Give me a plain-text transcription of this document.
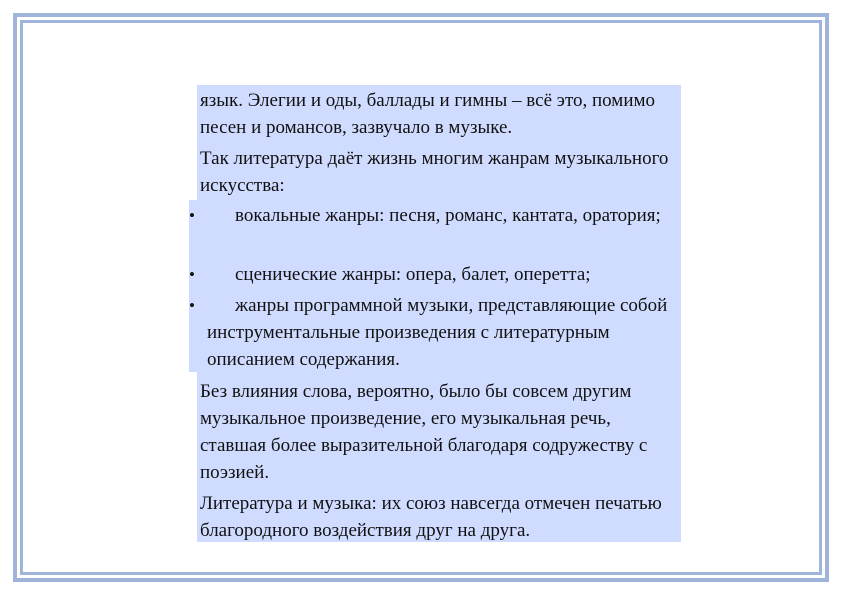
язык. Элегии и оды, баллады и гимны – всё это, помимо песен и романсов, зазвучало в музыке.

Так литература даёт жизнь многим жанрам музыкального искусства:

•	вокальные жанры: песня, романс, кантата, оратория;
•	сценические жанры: опера, балет, оперетта;
•	жанры программной музыки, представляющие собой инструментальные произведения с литературным описанием содержания.

Без влияния слова, вероятно, было бы совсем другим музыкальное произведение, его музыкальная речь, ставшая более выразительной благодаря содружеству с поэзией.

Литература и музыка: их союз навсегда отмечен печатью благородного воздействия друг на друга.
